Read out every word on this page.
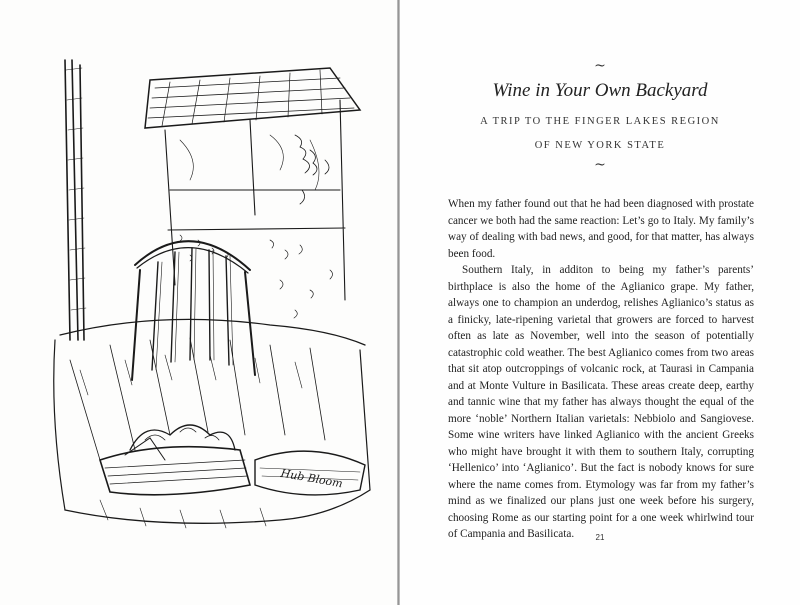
Hub Bloom
~
Wine in Your Own Backyard
A TRIP TO THE FINGER LAKES REGION OF NEW YORK STATE
~

When my father found out that he had been diagnosed with prostate cancer we both had the same reaction: Let’s go to Italy. My family’s way of dealing with bad news, and good, for that matter, has always been food.

Southern Italy, in additon to being my father’s parents’ birthplace is also the home of the Aglianico grape. My father, always one to champion an underdog, relishes Aglianico’s status as a finicky, late-ripening varietal that growers are forced to harvest often as late as November, well into the season of potentially catastrophic cold weather. The best Aglianico comes from two areas that sit atop outcroppings of volcanic rock, at Taurasi in Campania and at Monte Vulture in Basilicata. These areas create deep, earthy and tannic wine that my father has always thought the equal of the more ‘noble’ Northern Italian varietals: Nebbiolo and Sangiovese. Some wine writers have linked Aglianico with the ancient Greeks who might have brought it with them to southern Italy, corrupting ‘Hellenico’ into ‘Aglianico’. But the fact is nobody knows for sure where the name comes from. Etymology was far from my father’s mind as we finalized our plans just one week before his surgery, choosing Rome as our starting point for a one week whirlwind tour of Campania and Basilicata.	21
